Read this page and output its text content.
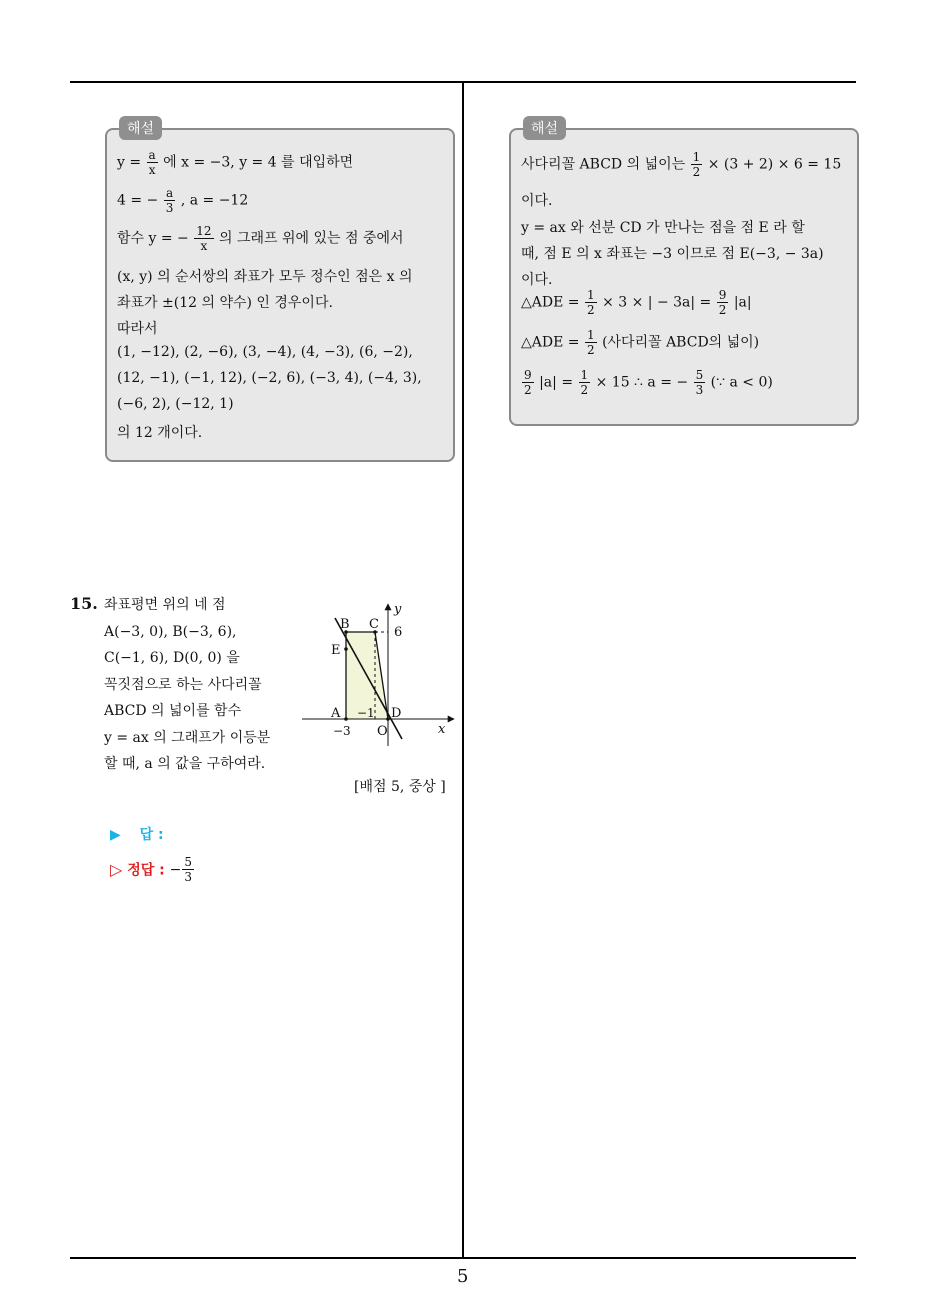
해설
$y = \frac{a}{x}$ 에 x = −3, y = 4 를 대입하면
4 = − $\frac{a}{3}$ , a = −12
함수 y = − $\frac{12}{x}$ 의 그래프 위에 있는 점 중에서
(x, y) 의 순서쌍의 좌표가 모두 정수인 점은 x 의
좌표가 ±(12 의 약수) 인 경우이다.
따라서
(1, −12), (2, −6), (3, −4), (4, −3), (6, −2),
(12, −1), (−1, 12), (−2, 6), (−3, 4), (−4, 3),
(−6, 2), (−12, 1)
의 12 개이다.
해설
사다리꼴 ABCD 의 넓이는 $\frac{1}{2} \times (3 + 2) \times 6 = 15$
이다.
y = ax 와 선분 CD 가 만나는 점을 점 E 라 할
때, 점 E 의 x 좌표는 −3 이므로 점 E(−3, − 3a)
이다.
△ADE = $\frac{1}{2} \times 3$ × | − $3a| = \frac{9}{2} |a|$
△ADE = $\frac{1}{2}$ (사다리꼴 ABCD의 넓이)
$\frac{9}{2} |a| = \frac{1}{2} \times 15$ ∴ a = − $\frac{5}{3}$ (∵ a < 0)
15. 좌표평면 위의 네 점
A(−3, 0), B(−3, 6),
C(−1, 6), D(0, 0) 을
꼭짓점으로 하는 사다리꼴
ABCD 의 넓이를 함수
y = ax 의 그래프가 이등분
할 때, a 의 값을 구하여라.
B C
E
A	D
O
6
−3
−1
x
y
[배점 5, 중상 ]
▶ 답 :
▷ 정답 : − $\frac{5}{3}$
5
